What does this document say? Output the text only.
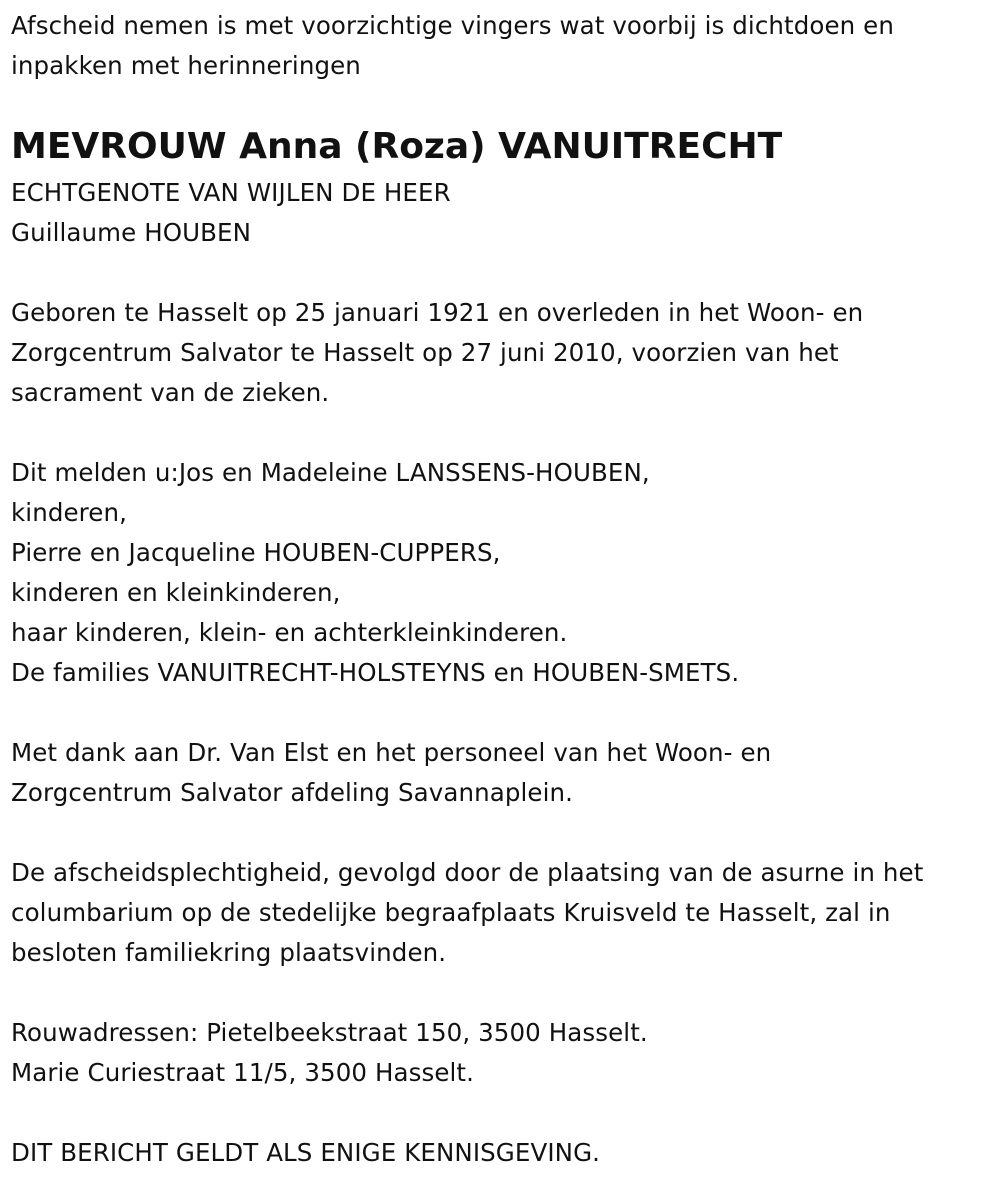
Afscheid nemen is met voorzichtige vingers wat voorbij is dichtdoen en
inpakken met herinneringen
MEVROUW Anna (Roza) VANUITRECHT
ECHTGENOTE VAN WIJLEN DE HEER
Guillaume HOUBEN
Geboren te Hasselt op 25 januari 1921 en overleden in het Woon- en
Zorgcentrum Salvator te Hasselt op 27 juni 2010, voorzien van het
sacrament van de zieken.
Dit melden u:Jos en Madeleine LANSSENS-HOUBEN,
kinderen,
Pierre en Jacqueline HOUBEN-CUPPERS,
kinderen en kleinkinderen,
haar kinderen, klein- en achterkleinkinderen.
De families VANUITRECHT-HOLSTEYNS en HOUBEN-SMETS.
Met dank aan Dr. Van Elst en het personeel van het Woon- en
Zorgcentrum Salvator afdeling Savannaplein.
De afscheidsplechtigheid, gevolgd door de plaatsing van de asurne in het
columbarium op de stedelijke begraafplaats Kruisveld te Hasselt, zal in
besloten familiekring plaatsvinden.
Rouwadressen: Pietelbeekstraat 150, 3500 Hasselt.
Marie Curiestraat 11/5, 3500 Hasselt.
DIT BERICHT GELDT ALS ENIGE KENNISGEVING.
